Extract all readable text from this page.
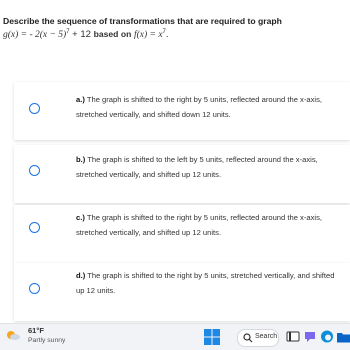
Describe the sequence of transformations that are required to graph
g(x) = - $2(x - 5)^7 + 12$ based on $f(x) = x^7$.
a.) The graph is shifted to the right by 5 units, reflected around the x-axis, stretched vertically, and shifted down 12 units.
b.) The graph is shifted to the left by 5 units, reflected around the x-axis, stretched vertically, and shifted up 12 units.
c.) The graph is shifted to the right by 5 units, reflected around the x-axis, stretched vertically, and shifted up 12 units.
d.) The graph is shifted to the right by 5 units, stretched vertically, and shifted up 12 units.
61°F
Partly sunny
Search
